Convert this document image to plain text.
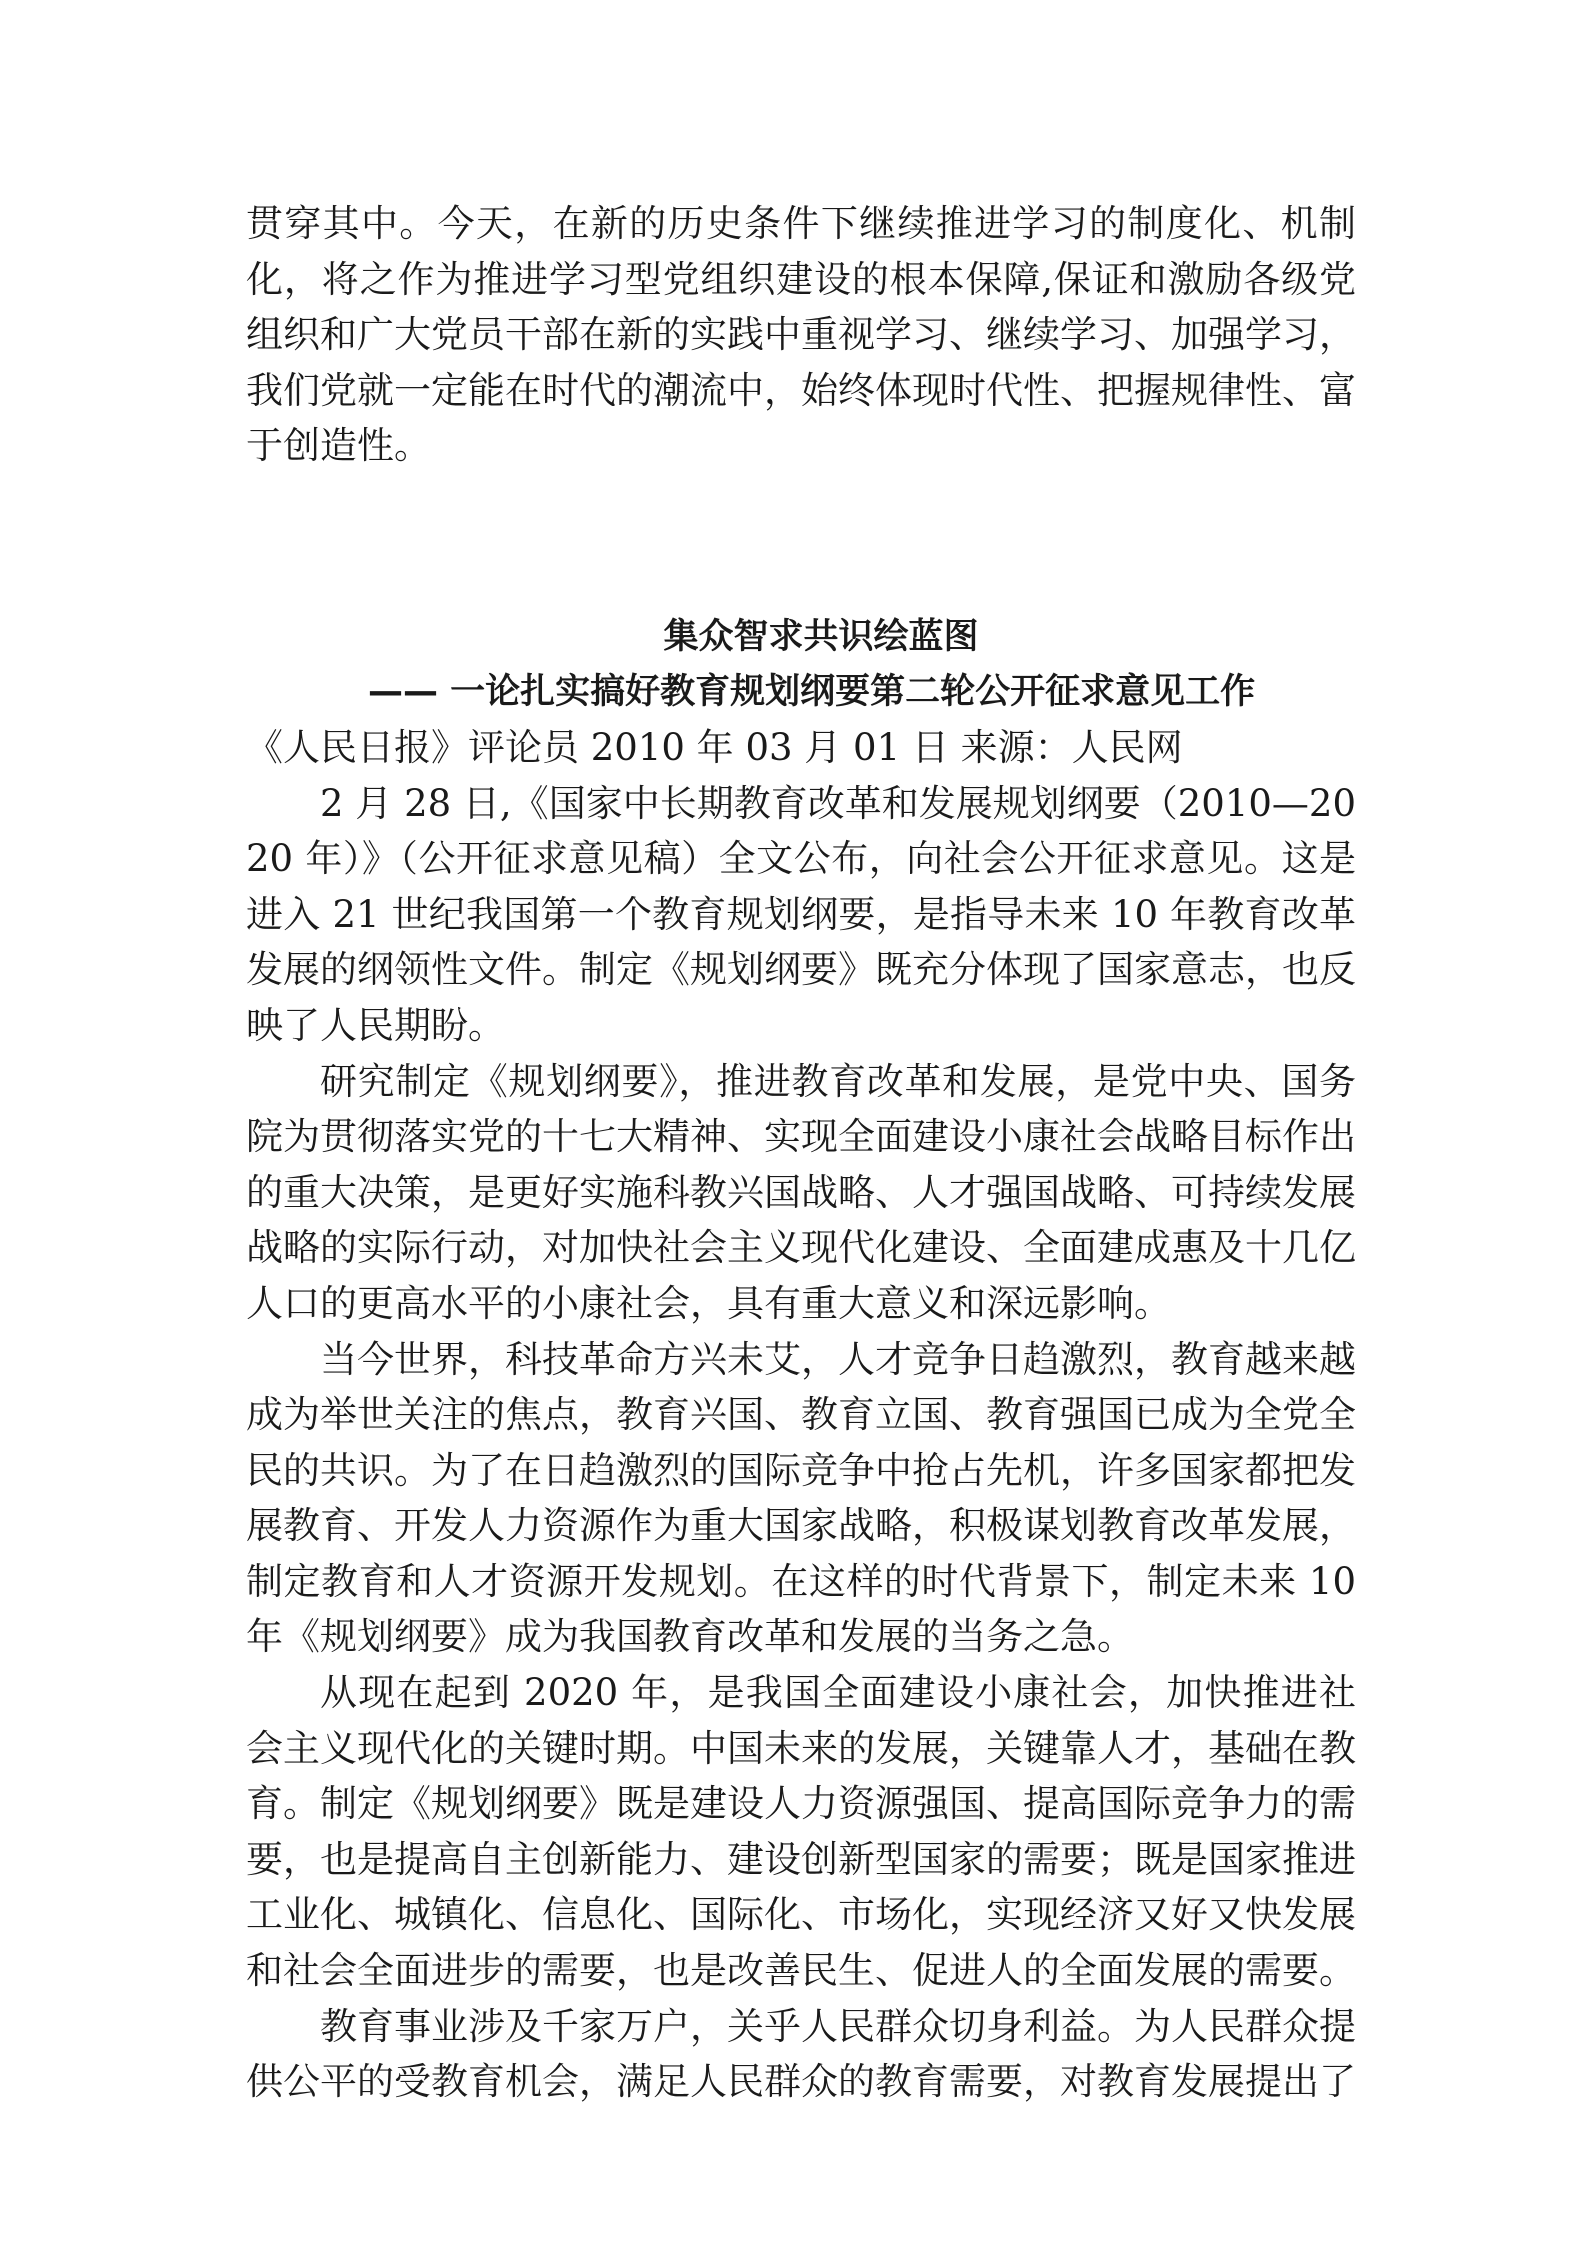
贯穿其中。今天，在新的历史条件下继续推进学习的制度化、机制化，将之作为推进学习型党组织建设的根本保障,保证和激励各级党组织和广大党员干部在新的实践中重视学习、继续学习、加强学习，我们党就一定能在时代的潮流中，始终体现时代性、把握规律性、富于创造性。

集众智求共识绘蓝图
—— 一论扎实搞好教育规划纲要第二轮公开征求意见工作

《人民日报》评论员 2010 年 03 月 01 日 来源：人民网

2 月 28 日,《国家中长期教育改革和发展规划纲要（2010—2020 年）》（公开征求意见稿）全文公布，向社会公开征求意见。这是进入 21 世纪我国第一个教育规划纲要，是指导未来 10 年教育改革发展的纲领性文件。制定《规划纲要》既充分体现了国家意志，也反映了人民期盼。

研究制定《规划纲要》，推进教育改革和发展，是党中央、国务院为贯彻落实党的十七大精神、实现全面建设小康社会战略目标作出的重大决策，是更好实施科教兴国战略、人才强国战略、可持续发展战略的实际行动，对加快社会主义现代化建设、全面建成惠及十几亿人口的更高水平的小康社会，具有重大意义和深远影响。

当今世界，科技革命方兴未艾，人才竞争日趋激烈，教育越来越成为举世关注的焦点，教育兴国、教育立国、教育强国已成为全党全民的共识。为了在日趋激烈的国际竞争中抢占先机，许多国家都把发展教育、开发人力资源作为重大国家战略，积极谋划教育改革发展，制定教育和人才资源开发规划。在这样的时代背景下，制定未来 10 年《规划纲要》成为我国教育改革和发展的当务之急。

从现在起到 2020 年，是我国全面建设小康社会，加快推进社会主义现代化的关键时期。中国未来的发展，关键靠人才，基础在教育。制定《规划纲要》既是建设人力资源强国、提高国际竞争力的需要，也是提高自主创新能力、建设创新型国家的需要；既是国家推进工业化、城镇化、信息化、国际化、市场化，实现经济又好又快发展和社会全面进步的需要，也是改善民生、促进人的全面发展的需要。

教育事业涉及千家万户，关乎人民群众切身利益。为人民群众提供公平的受教育机会，满足人民群众的教育需要，对教育发展提出了
